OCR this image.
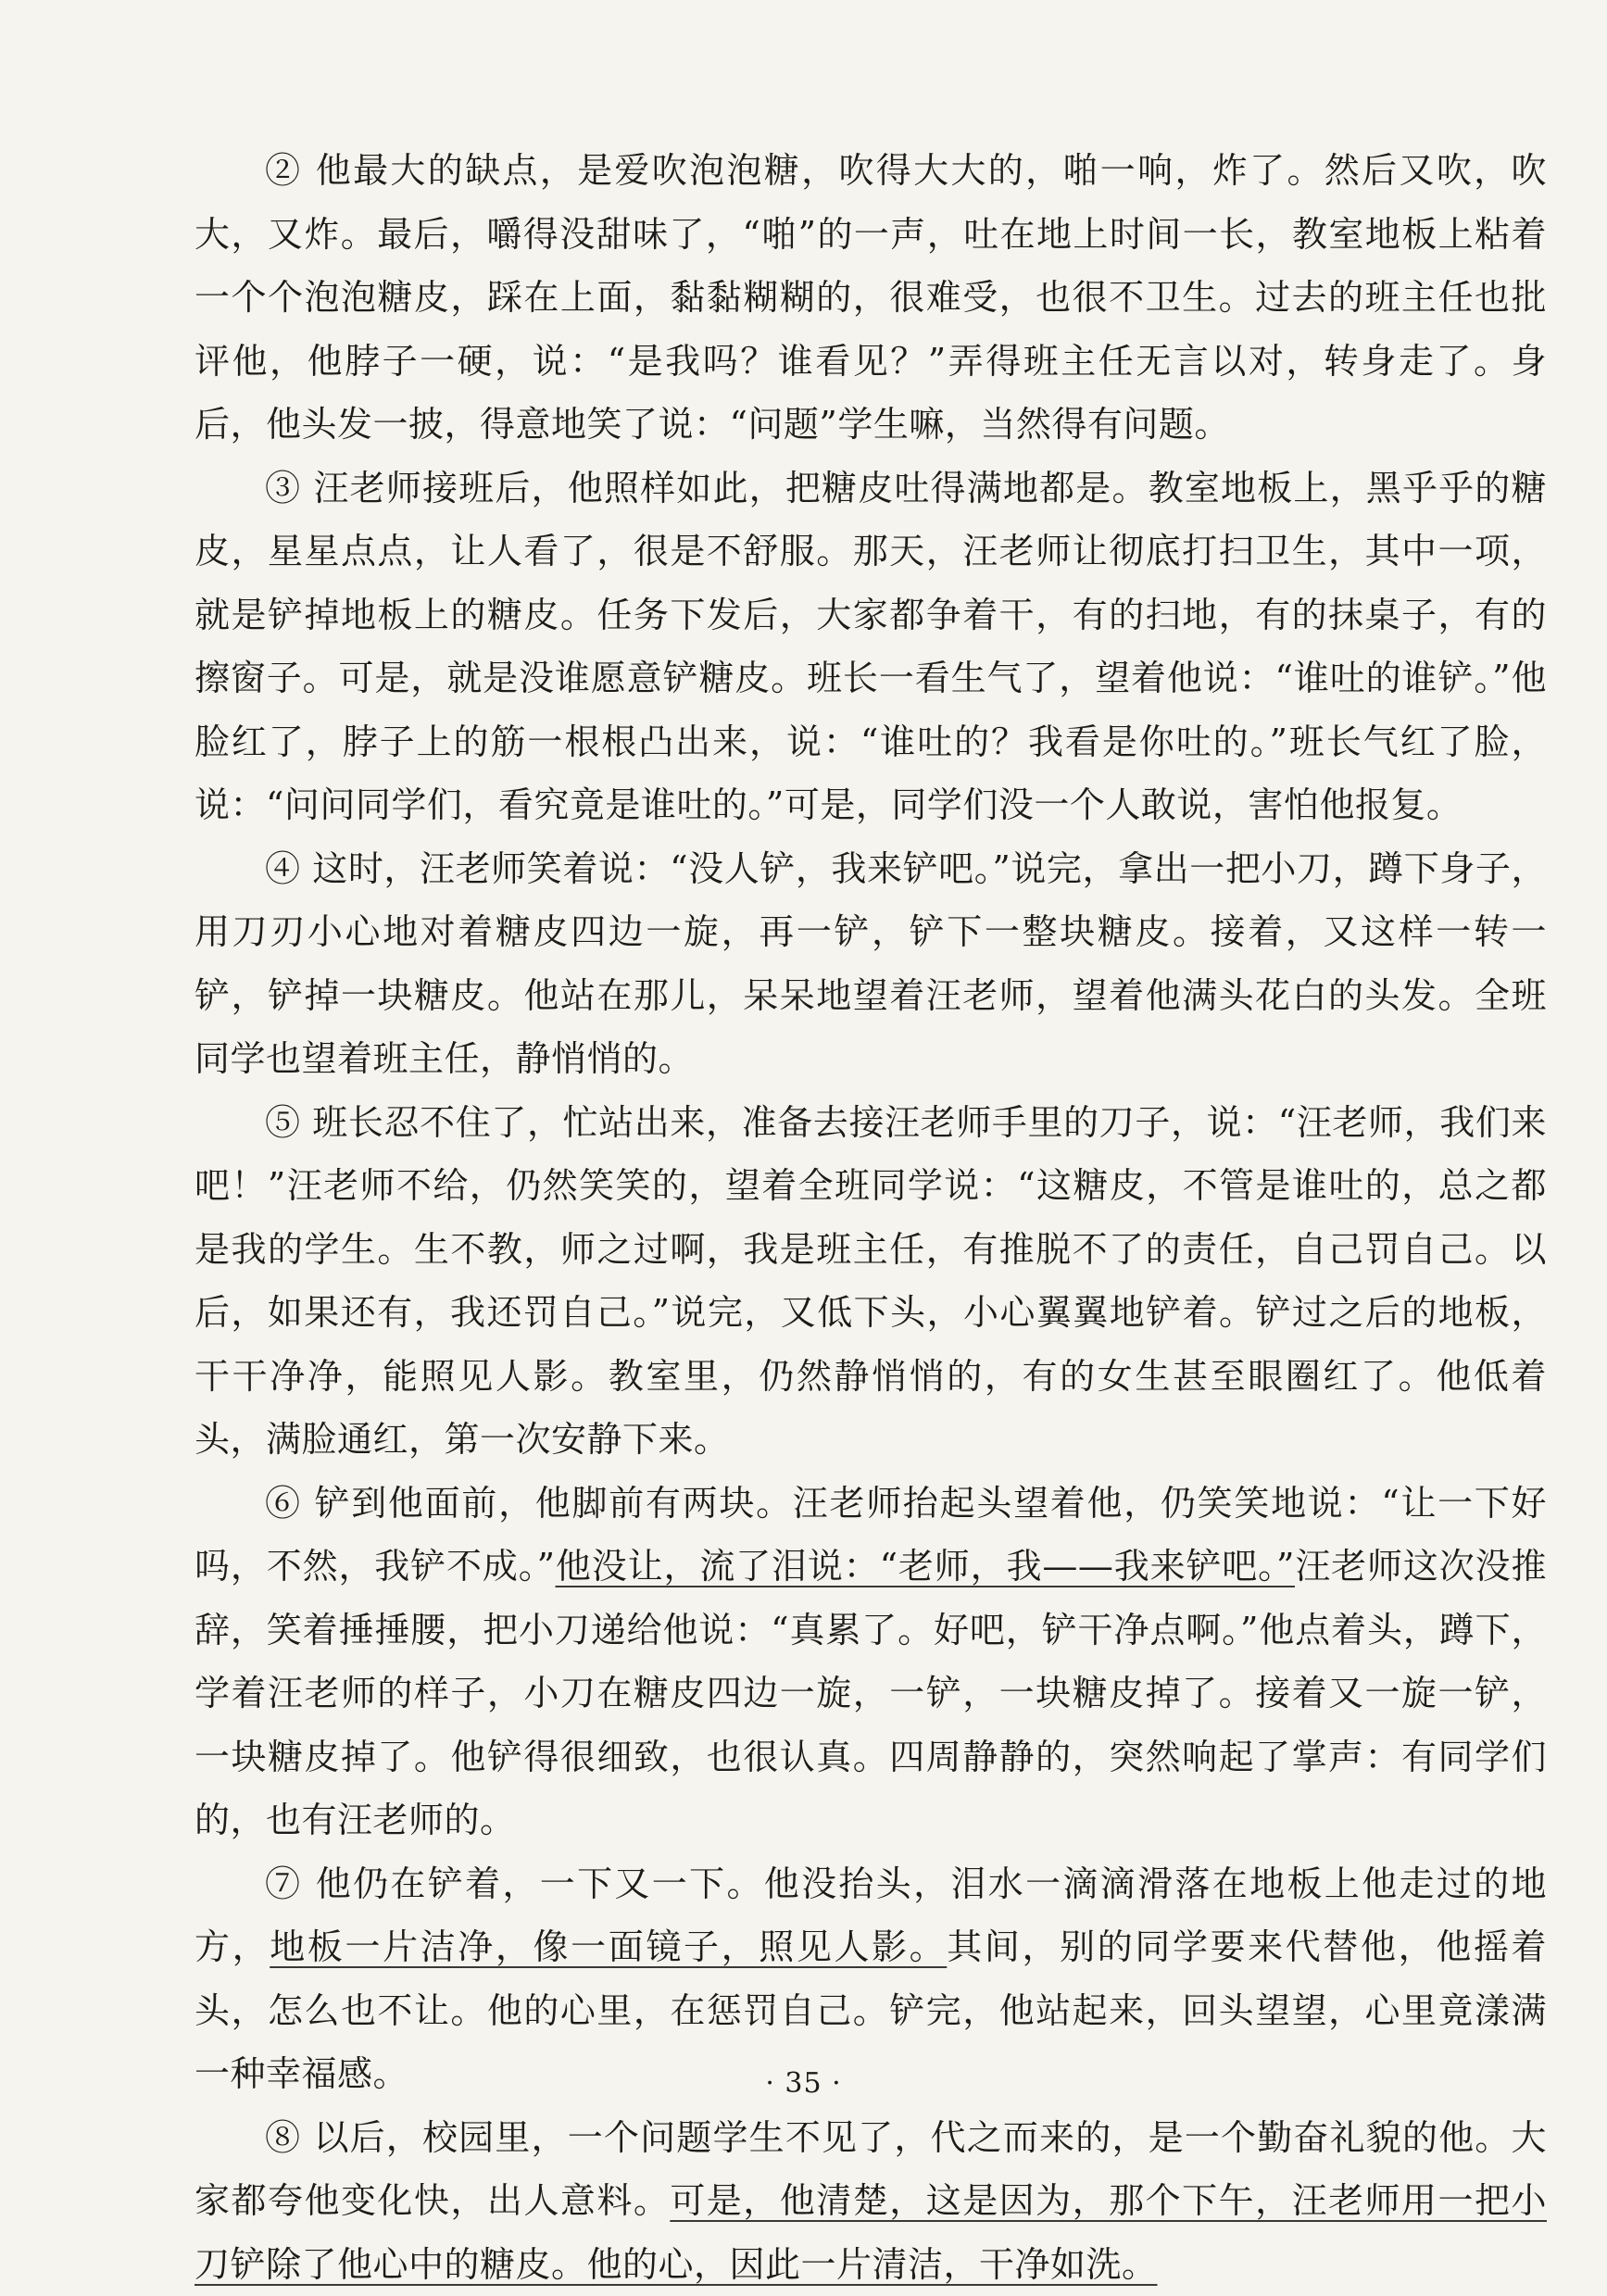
② 他最大的缺点，是爱吹泡泡糖，吹得大大的，啪一响，炸了。然后又吹，吹大，又炸。最后，嚼得没甜味了，“啪”的一声，吐在地上时间一长，教室地板上粘着一个个泡泡糖皮，踩在上面，黏黏糊糊的，很难受，也很不卫生。过去的班主任也批评他，他脖子一硬，说：“是我吗？谁看见？”弄得班主任无言以对，转身走了。身后，他头发一披，得意地笑了说：“问题”学生嘛，当然得有问题。

③ 汪老师接班后，他照样如此，把糖皮吐得满地都是。教室地板上，黑乎乎的糖皮，星星点点，让人看了，很是不舒服。那天，汪老师让彻底打扫卫生，其中一项，就是铲掉地板上的糖皮。任务下发后，大家都争着干，有的扫地，有的抹桌子，有的擦窗子。可是，就是没谁愿意铲糖皮。班长一看生气了，望着他说：“谁吐的谁铲。”他脸红了，脖子上的筋一根根凸出来，说：“谁吐的？我看是你吐的。”班长气红了脸，说：“问问同学们，看究竟是谁吐的。”可是，同学们没一个人敢说，害怕他报复。

④ 这时，汪老师笑着说：“没人铲，我来铲吧。”说完，拿出一把小刀，蹲下身子，用刀刃小心地对着糖皮四边一旋，再一铲，铲下一整块糖皮。接着，又这样一转一铲，铲掉一块糖皮。他站在那儿，呆呆地望着汪老师，望着他满头花白的头发。全班同学也望着班主任，静悄悄的。

⑤ 班长忍不住了，忙站出来，准备去接汪老师手里的刀子，说：“汪老师，我们来吧！”汪老师不给，仍然笑笑的，望着全班同学说：“这糖皮，不管是谁吐的，总之都是我的学生。生不教，师之过啊，我是班主任，有推脱不了的责任，自己罚自己。以后，如果还有，我还罚自己。”说完，又低下头，小心翼翼地铲着。铲过之后的地板，干干净净，能照见人影。教室里，仍然静悄悄的，有的女生甚至眼圈红了。他低着头，满脸通红，第一次安静下来。

⑥ 铲到他面前，他脚前有两块。汪老师抬起头望着他，仍笑笑地说：“让一下好吗，不然，我铲不成。”他没让，流了泪说：“老师，我——我来铲吧。”汪老师这次没推辞，笑着捶捶腰，把小刀递给他说：“真累了。好吧，铲干净点啊。”他点着头，蹲下，学着汪老师的样子，小刀在糖皮四边一旋，一铲，一块糖皮掉了。接着又一旋一铲，一块糖皮掉了。他铲得很细致，也很认真。四周静静的，突然响起了掌声：有同学们的，也有汪老师的。

⑦ 他仍在铲着，一下又一下。他没抬头，泪水一滴滴滑落在地板上他走过的地方，地板一片洁净，像一面镜子，照见人影。其间，别的同学要来代替他，他摇着头，怎么也不让。他的心里，在惩罚自己。铲完，他站起来，回头望望，心里竟漾满一种幸福感。

⑧ 以后，校园里，一个问题学生不见了，代之而来的，是一个勤奋礼貌的他。大家都夸他变化快，出人意料。可是，他清楚，这是因为，那个下午，汪老师用一把小刀铲除了他心中的糖皮。他的心，因此一片清洁，干净如洗。

· 35 ·
